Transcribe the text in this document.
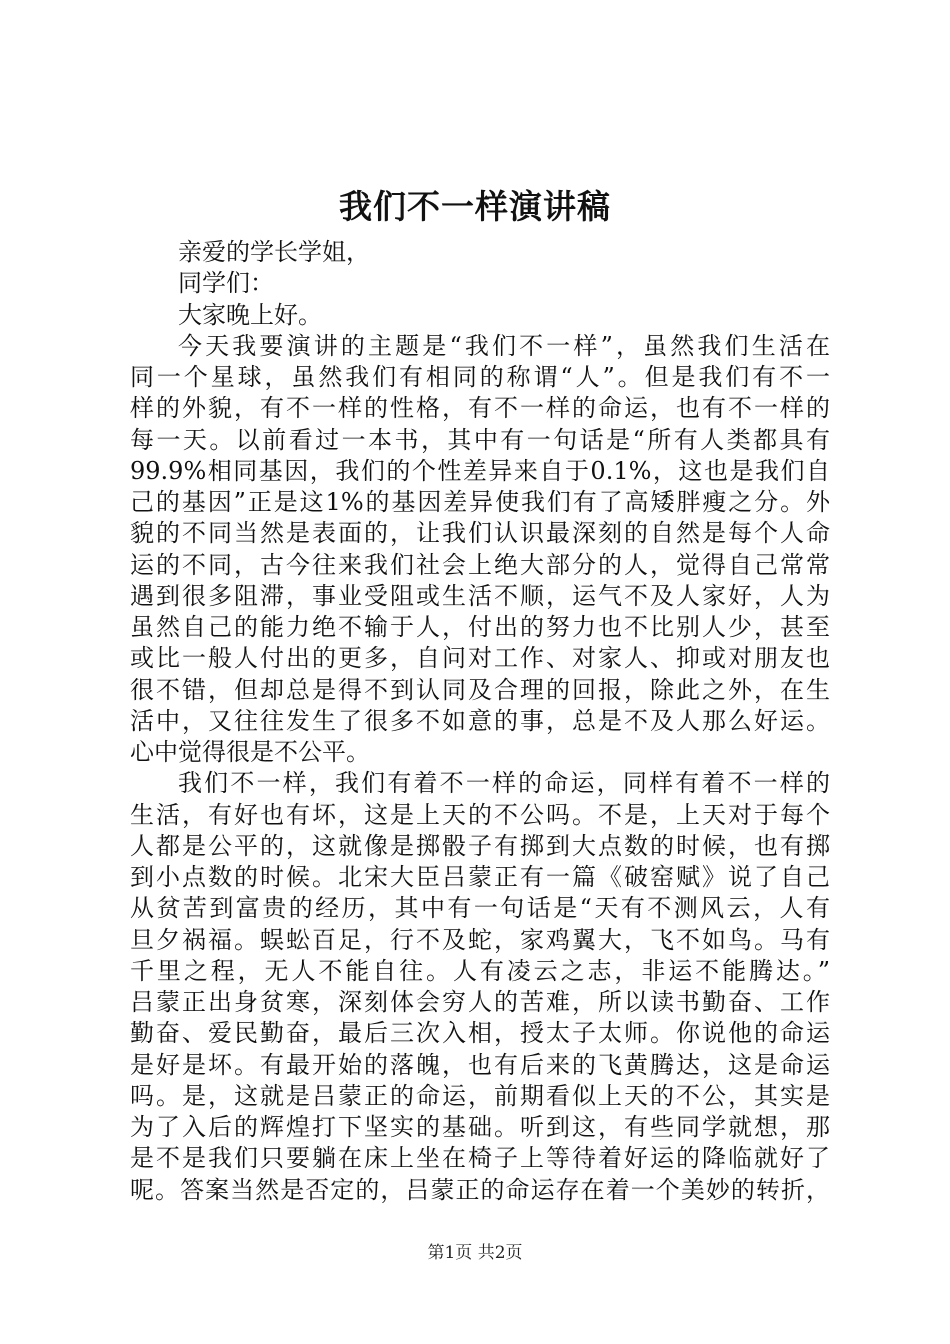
我们不一样演讲稿
亲爱的学长学姐，
同学们：
大家晚上好。
今天我要演讲的主题是“我们不一样”，虽然我们生活在
同一个星球，虽然我们有相同的称谓“人”。但是我们有不一
样的外貌，有不一样的性格，有不一样的命运，也有不一样的
每一天。以前看过一本书，其中有一句话是“所有人类都具有
99.9%相同基因，我们的个性差异来自于0.1%，这也是我们自
己的基因”正是这1%的基因差异使我们有了高矮胖瘦之分。外
貌的不同当然是表面的，让我们认识最深刻的自然是每个人命
运的不同，古今往来我们社会上绝大部分的人，觉得自己常常
遇到很多阻滞，事业受阻或生活不顺，运气不及人家好，人为
虽然自己的能力绝不输于人，付出的努力也不比别人少，甚至
或比一般人付出的更多，自问对工作、对家人、抑或对朋友也
很不错，但却总是得不到认同及合理的回报，除此之外，在生
活中，又往往发生了很多不如意的事，总是不及人那么好运。
心中觉得很是不公平。
我们不一样，我们有着不一样的命运，同样有着不一样的
生活，有好也有坏，这是上天的不公吗。不是，上天对于每个
人都是公平的，这就像是掷骰子有掷到大点数的时候，也有掷
到小点数的时候。北宋大臣吕蒙正有一篇《破窑赋》说了自己
从贫苦到富贵的经历，其中有一句话是“天有不测风云，人有
旦夕祸福。蜈蚣百足，行不及蛇，家鸡翼大，飞不如鸟。马有
千里之程，无人不能自往。人有凌云之志，非运不能腾达。”
吕蒙正出身贫寒，深刻体会穷人的苦难，所以读书勤奋、工作
勤奋、爱民勤奋，最后三次入相，授太子太师。你说他的命运
是好是坏。有最开始的落魄，也有后来的飞黄腾达，这是命运
吗。是，这就是吕蒙正的命运，前期看似上天的不公，其实是
为了入后的辉煌打下坚实的基础。听到这，有些同学就想，那
是不是我们只要躺在床上坐在椅子上等待着好运的降临就好了
呢。答案当然是否定的，吕蒙正的命运存在着一个美妙的转折，
第1页 共2页
